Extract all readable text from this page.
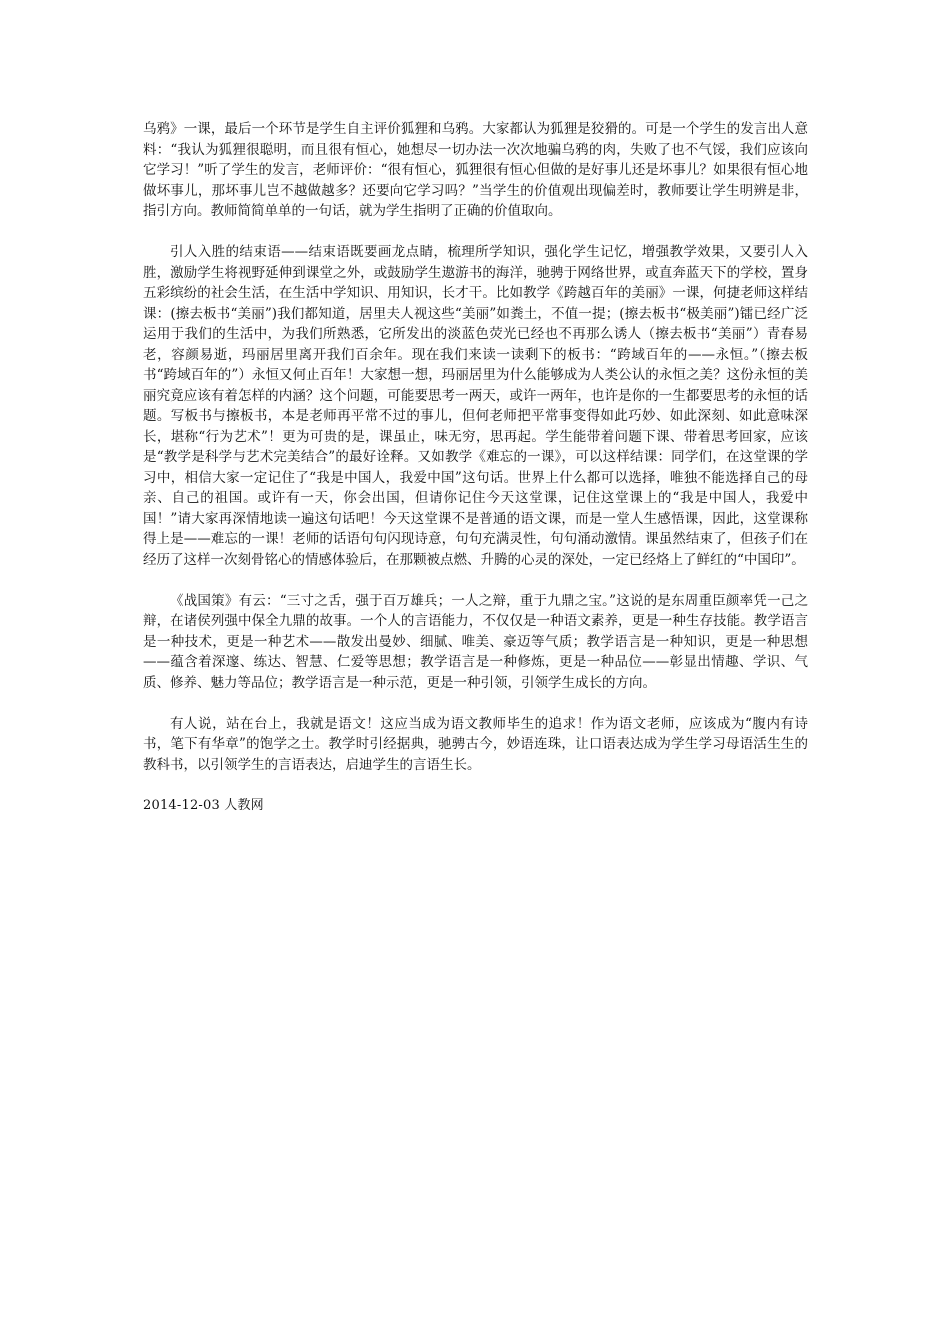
乌鸦》一课，最后一个环节是学生自主评价狐狸和乌鸦。大家都认为狐狸是狡猾的。可是一个学生的发言出人意料：“我认为狐狸很聪明，而且很有恒心，她想尽一切办法一次次地骗乌鸦的肉，失败了也不气馁，我们应该向它学习！”听了学生的发言，老师评价：“很有恒心，狐狸很有恒心但做的是好事儿还是坏事儿？如果很有恒心地做坏事儿，那坏事儿岂不越做越多？还要向它学习吗？”当学生的价值观出现偏差时，教师要让学生明辨是非，指引方向。教师简简单单的一句话，就为学生指明了正确的价值取向。

引人入胜的结束语——结束语既要画龙点睛，梳理所学知识，强化学生记忆，增强教学效果，又要引人入胜，激励学生将视野延伸到课堂之外，或鼓励学生遨游书的海洋，驰骋于网络世界，或直奔蓝天下的学校，置身五彩缤纷的社会生活，在生活中学知识、用知识，长才干。比如教学《跨越百年的美丽》一课，何捷老师这样结课：(擦去板书“美丽”)我们都知道，居里夫人视这些“美丽”如粪土，不值一提；(擦去板书“极美丽”)镭已经广泛运用于我们的生活中，为我们所熟悉，它所发出的淡蓝色荧光已经也不再那么诱人（擦去板书“美丽”）青春易老，容颜易逝，玛丽居里离开我们百余年。现在我们来读一读剩下的板书：“跨域百年的——永恒。”（擦去板书“跨域百年的”）永恒又何止百年！大家想一想，玛丽居里为什么能够成为人类公认的永恒之美？这份永恒的美丽究竟应该有着怎样的内涵？这个问题，可能要思考一两天，或许一两年，也许是你的一生都要思考的永恒的话题。写板书与擦板书，本是老师再平常不过的事儿，但何老师把平常事变得如此巧妙、如此深刻、如此意味深长，堪称“行为艺术”！更为可贵的是，课虽止，味无穷，思再起。学生能带着问题下课、带着思考回家，应该是“教学是科学与艺术完美结合”的最好诠释。又如教学《难忘的一课》，可以这样结课：同学们，在这堂课的学习中，相信大家一定记住了“我是中国人，我爱中国”这句话。世界上什么都可以选择，唯独不能选择自己的母亲、自己的祖国。或许有一天，你会出国，但请你记住今天这堂课，记住这堂课上的“我是中国人，我爱中国！”请大家再深情地读一遍这句话吧！今天这堂课不是普通的语文课，而是一堂人生感悟课，因此，这堂课称得上是——难忘的一课！老师的话语句句闪现诗意，句句充满灵性，句句涌动激情。课虽然结束了，但孩子们在经历了这样一次刻骨铭心的情感体验后，在那颗被点燃、升腾的心灵的深处，一定已经烙上了鲜红的“中国印”。

《战国策》有云：“三寸之舌，强于百万雄兵；一人之辩，重于九鼎之宝。”这说的是东周重臣颜率凭一己之辩，在诸侯列强中保全九鼎的故事。一个人的言语能力，不仅仅是一种语文素养，更是一种生存技能。教学语言是一种技术，更是一种艺术——散发出曼妙、细腻、唯美、豪迈等气质；教学语言是一种知识，更是一种思想——蕴含着深邃、练达、智慧、仁爱等思想；教学语言是一种修炼，更是一种品位——彰显出情趣、学识、气质、修养、魅力等品位；教学语言是一种示范，更是一种引领，引领学生成长的方向。

有人说，站在台上，我就是语文！这应当成为语文教师毕生的追求！作为语文老师，应该成为“腹内有诗书，笔下有华章”的饱学之士。教学时引经据典，驰骋古今，妙语连珠，让口语表达成为学生学习母语活生生的教科书，以引领学生的言语表达，启迪学生的言语生长。

2014-12-03 人教网
